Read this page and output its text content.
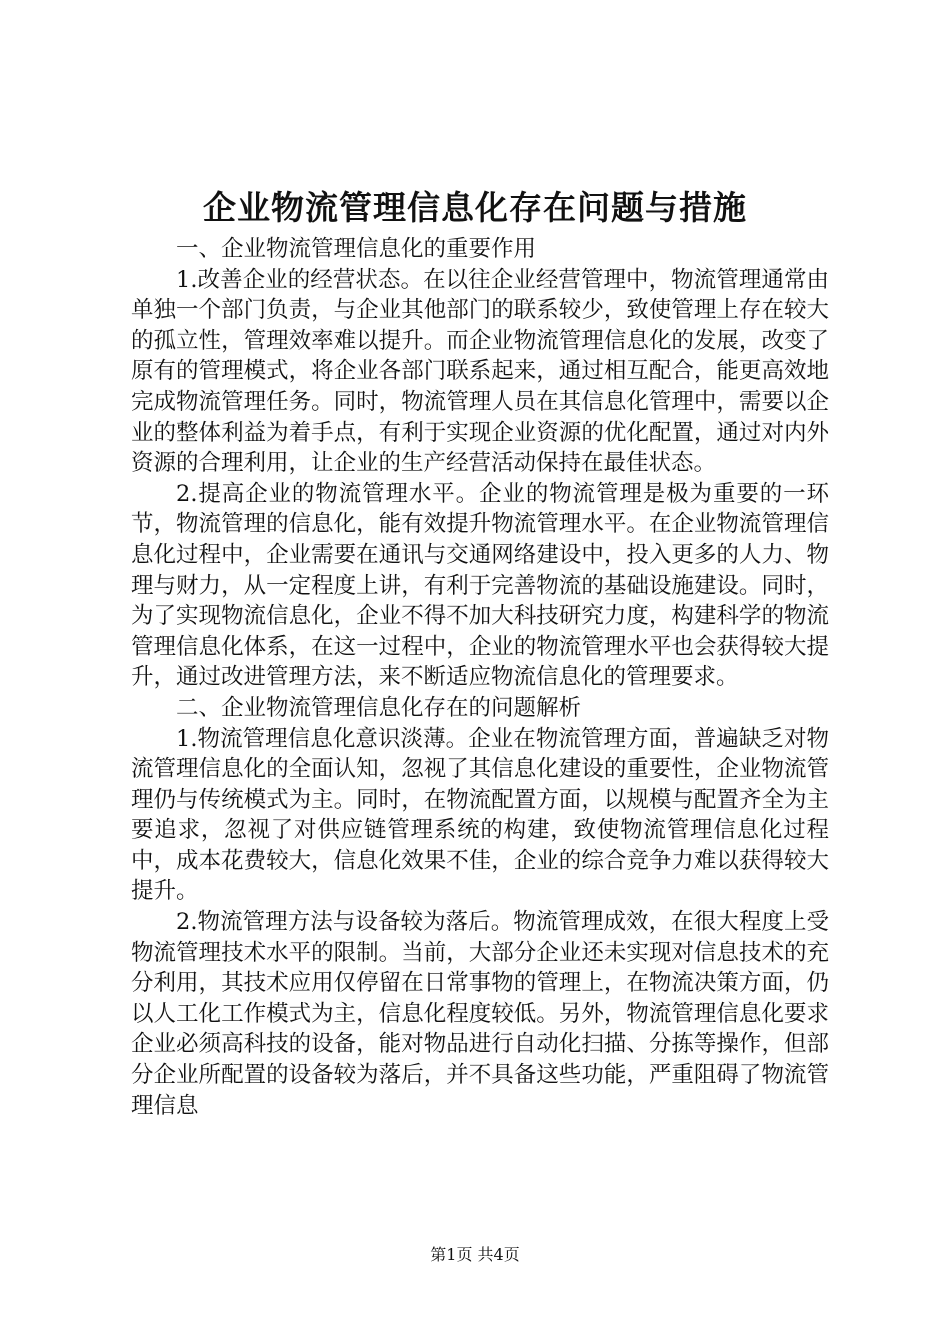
企业物流管理信息化存在问题与措施

一、企业物流管理信息化的重要作用

1.改善企业的经营状态。在以往企业经营管理中，物流管理通常由单独一个部门负责，与企业其他部门的联系较少，致使管理上存在较大的孤立性，管理效率难以提升。而企业物流管理信息化的发展，改变了原有的管理模式，将企业各部门联系起来，通过相互配合，能更高效地完成物流管理任务。同时，物流管理人员在其信息化管理中，需要以企业的整体利益为着手点，有利于实现企业资源的优化配置，通过对内外资源的合理利用，让企业的生产经营活动保持在最佳状态。

2.提高企业的物流管理水平。企业的物流管理是极为重要的一环节，物流管理的信息化，能有效提升物流管理水平。在企业物流管理信息化过程中，企业需要在通讯与交通网络建设中，投入更多的人力、物理与财力，从一定程度上讲，有利于完善物流的基础设施建设。同时，为了实现物流信息化，企业不得不加大科技研究力度，构建科学的物流管理信息化体系，在这一过程中，企业的物流管理水平也会获得较大提升，通过改进管理方法，来不断适应物流信息化的管理要求。

二、企业物流管理信息化存在的问题解析

1.物流管理信息化意识淡薄。企业在物流管理方面，普遍缺乏对物流管理信息化的全面认知，忽视了其信息化建设的重要性，企业物流管理仍与传统模式为主。同时，在物流配置方面，以规模与配置齐全为主要追求，忽视了对供应链管理系统的构建，致使物流管理信息化过程中，成本花费较大，信息化效果不佳，企业的综合竞争力难以获得较大提升。

2.物流管理方法与设备较为落后。物流管理成效，在很大程度上受物流管理技术水平的限制。当前，大部分企业还未实现对信息技术的充分利用，其技术应用仅停留在日常事物的管理上，在物流决策方面，仍以人工化工作模式为主，信息化程度较低。另外，物流管理信息化要求企业必须高科技的设备，能对物品进行自动化扫描、分拣等操作，但部分企业所配置的设备较为落后，并不具备这些功能，严重阻碍了物流管理信息

第1页 共4页
